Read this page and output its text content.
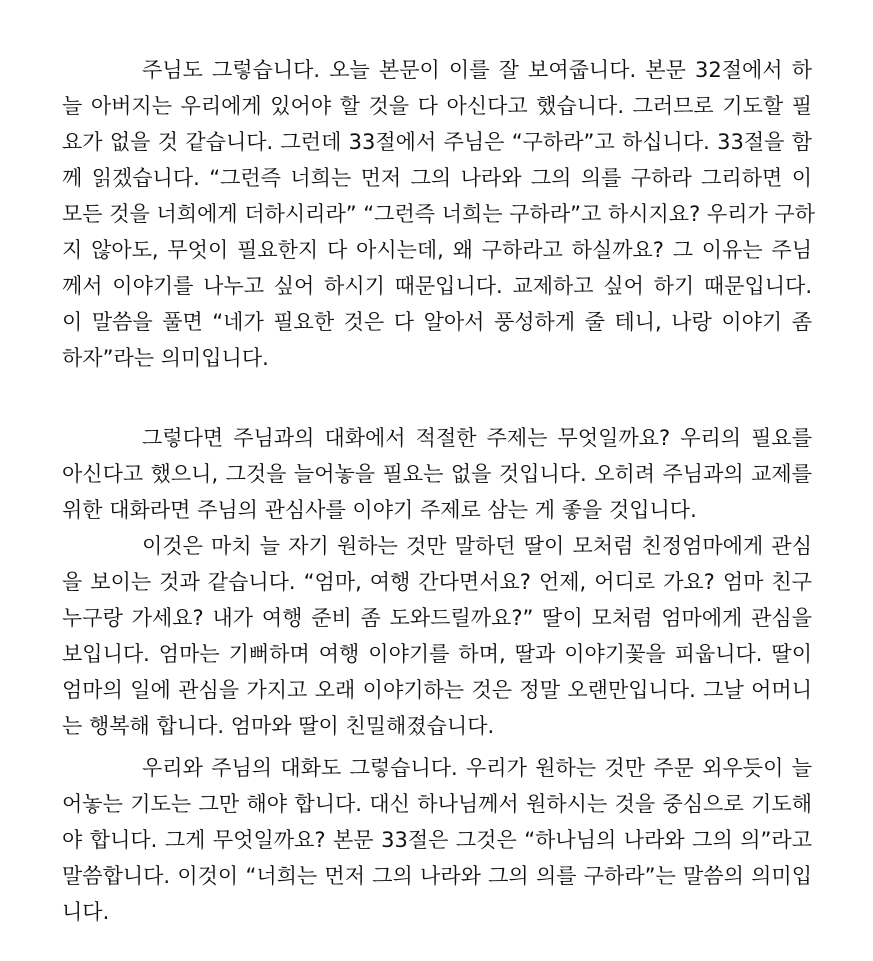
주님도 그렇습니다. 오늘 본문이 이를 잘 보여줍니다. 본문 32절에서 하
늘 아버지는 우리에게 있어야 할 것을 다 아신다고 했습니다. 그러므로 기도할 필
요가 없을 것 같습니다. 그런데 33절에서 주님은 “구하라”고 하십니다. 33절을 함
께 읽겠습니다. “그런즉 너희는 먼저 그의 나라와 그의 의를 구하라 그리하면 이
모든 것을 너희에게 더하시리라” “그런즉 너희는 구하라”고 하시지요? 우리가 구하
지 않아도, 무엇이 필요한지 다 아시는데, 왜 구하라고 하실까요? 그 이유는 주님
께서 이야기를 나누고 싶어 하시기 때문입니다. 교제하고 싶어 하기 때문입니다.
이 말씀을 풀면 “네가 필요한 것은 다 알아서 풍성하게 줄 테니, 나랑 이야기 좀
하자”라는 의미입니다.
그렇다면 주님과의 대화에서 적절한 주제는 무엇일까요? 우리의 필요를
아신다고 했으니, 그것을 늘어놓을 필요는 없을 것입니다. 오히려 주님과의 교제를
위한 대화라면 주님의 관심사를 이야기 주제로 삼는 게 좋을 것입니다.
이것은 마치 늘 자기 원하는 것만 말하던 딸이 모처럼 친정엄마에게 관심
을 보이는 것과 같습니다. “엄마, 여행 간다면서요? 언제, 어디로 가요? 엄마 친구
누구랑 가세요? 내가 여행 준비 좀 도와드릴까요?” 딸이 모처럼 엄마에게 관심을
보입니다. 엄마는 기뻐하며 여행 이야기를 하며, 딸과 이야기꽃을 피웁니다. 딸이
엄마의 일에 관심을 가지고 오래 이야기하는 것은 정말 오랜만입니다. 그날 어머니
는 행복해 합니다. 엄마와 딸이 친밀해졌습니다.
우리와 주님의 대화도 그렇습니다. 우리가 원하는 것만 주문 외우듯이 늘
어놓는 기도는 그만 해야 합니다. 대신 하나님께서 원하시는 것을 중심으로 기도해
야 합니다. 그게 무엇일까요? 본문 33절은 그것은 “하나님의 나라와 그의 의”라고
말씀합니다. 이것이 “너희는 먼저 그의 나라와 그의 의를 구하라”는 말씀의 의미입
니다.
